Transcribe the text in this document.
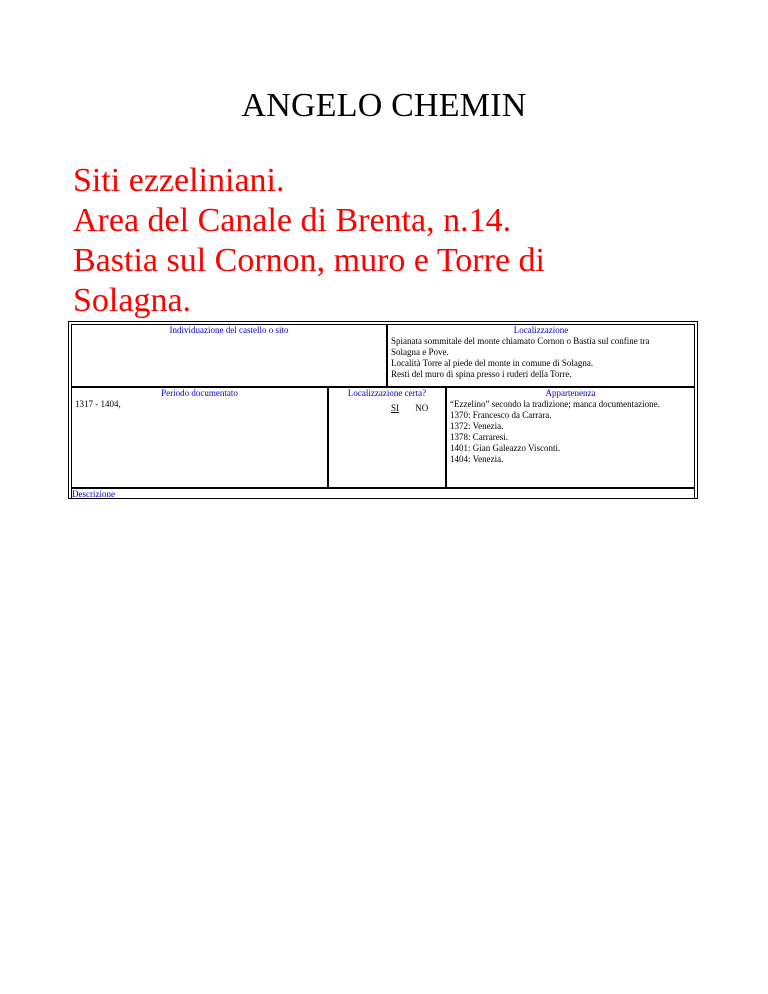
ANGELO CHEMIN
Siti ezzeliniani.
Area del Canale di Brenta, n.14.
Bastia sul Cornon, muro e Torre di
Solagna.
Individuazione del castello o sito	Localizzazione
Spianata sommitale del monte chiamato Cornon o Bastia sul confine tra
Solagna e Pove.
Località Torre al piede del monte in comune di Solagna.
Resti del muro di spina presso i ruderi della Torre.
Periodo documentato
1317 - 1404,
Localizzazione certa?
SI NO
Appartenenza
“Ezzelino” secondo la tradizione; manca documentazione.
1370: Francesco da Carrara.
1372: Venezia.
1378: Carraresi.
1401: Gian Galeazzo Visconti.
1404: Venezia.
Descrizione
